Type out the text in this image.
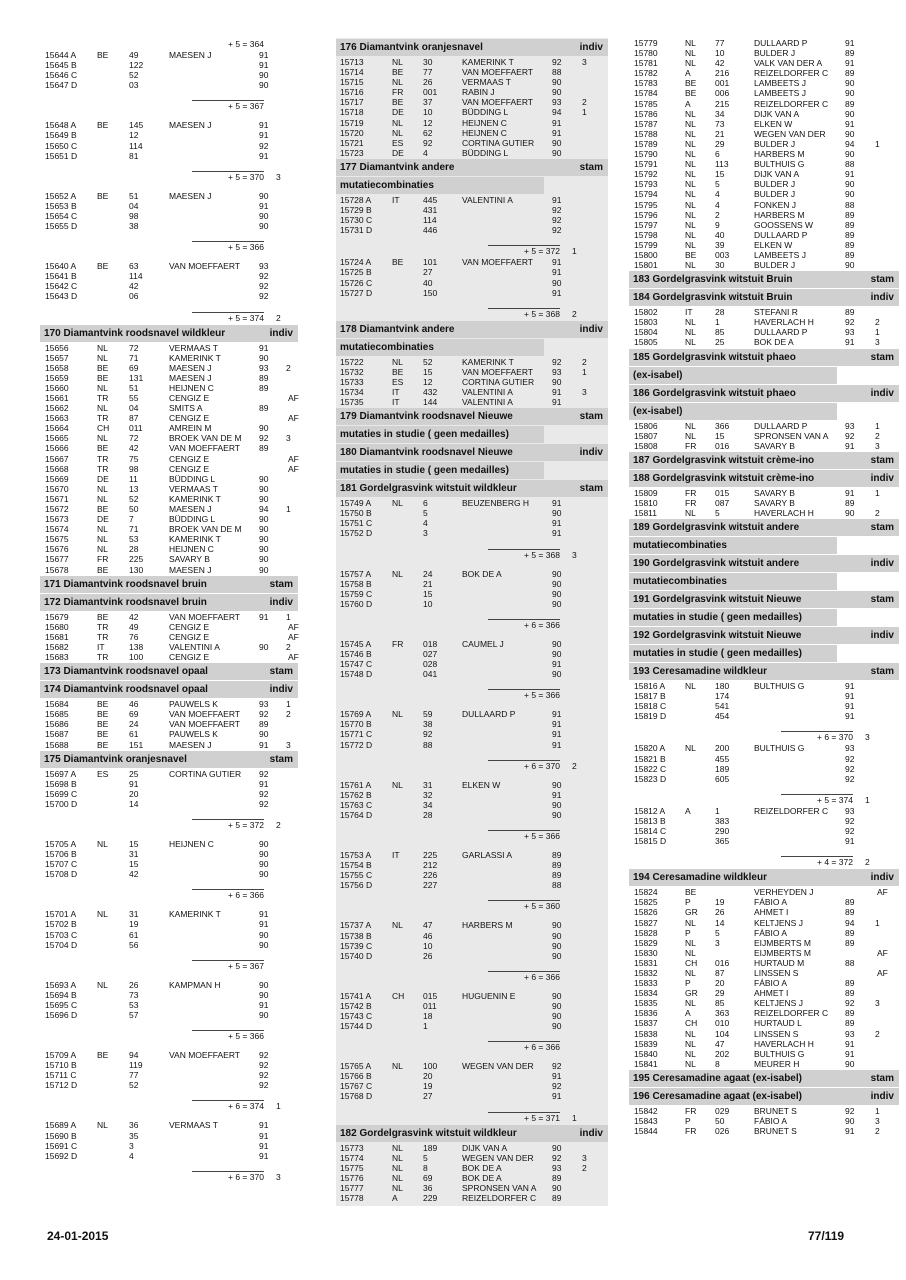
+ 5 = 364
15644 A BE 49	MAESEN J	91
15645 B	122	91
15646 C	52	90
15647 D	03	90
+ 5 = 367
15648 A BE 145	MAESEN J	91
15649 B	12	91
15650 C	114	92
15651 D	81	91
+ 5 = 370 3
15652 A BE 51	MAESEN J	90
15653 B	04	91
15654 C	98	90
15655 D	38	90
+ 5 = 366
15640 A BE 63	VAN MOEFFAERT 93
15641 B	114	92
15642 C	42	92
15643 D	06	92
+ 5 = 374 2
170 Diamantvink roodsnavel wildkleur	indiv
15656	NL 72	VERMAAS T	91
15657	NL 71	KAMERINK T	90
15658	BE 69	MAESEN J	93 2
15659	BE 131	MAESEN J	89
15660	NL 51	HEIJNEN C	89
15661	TR 55	CENGIZ E	AF
15662	NL 04	SMITS A	89
15663	TR 87	CENGIZ E	AF
15664	CH 011	AMREIN M	90
15665	NL 72	BROEK VAN DE M 92 3
15666	BE 42	VAN MOEFFAERT 89
15667	TR 75	CENGIZ E	AF
15668	TR 98	CENGIZ E	AF
15669	DE 11	BÜDDING L	90
15670	NL 13	VERMAAS T	90
15671	NL 52	KAMERINK T	90
15672	BE 50	MAESEN J	94 1
15673	DE 7	BÜDDING L	90
15674	NL 71	BROEK VAN DE M 90
15675	NL 53	KAMERINK T	90
15676	NL 28	HEIJNEN C	90
15677	FR 225	SAVARY B	90
15678	BE 130	MAESEN J	90
171 Diamantvink roodsnavel bruin	stam
172 Diamantvink roodsnavel bruin	indiv
15679	BE 42	VAN MOEFFAERT 91 1
15680	TR 49	CENGIZ E	AF
15681	TR 76	CENGIZ E	AF
15682	IT	138	VALENTINI A	90 2
15683	TR 100	CENGIZ E	AF
173 Diamantvink roodsnavel opaal	stam
174 Diamantvink roodsnavel opaal	indiv
15684	BE 46	PAUWELS K	93 1
15685	BE 69	VAN MOEFFAERT 92 2
15686	BE 24	VAN MOEFFAERT 89
15687	BE 61	PAUWELS K	90
15688	BE 151	MAESEN J	91 3
175 Diamantvink oranjesnavel	stam
15697 A ES 25	CORTINA GUTIER 92
15698 B	91	91
15699 C	20	92
15700 D	14	92
+ 5 = 372 2
15705 A NL 15	HEIJNEN C	90
15706 B	31	90
15707 C	15	90
15708 D	42	90
+ 6 = 366
15701 A NL 31	KAMERINK T	91
15702 B	19	91
15703 C	61	90
15704 D	56	90
+ 5 = 367
15693 A NL 26	KAMPMAN H	90
15694 B	73	90
15695 C	53	91
15696 D	57	90
+ 5 = 366
15709 A BE 94	VAN MOEFFAERT 92
15710 B	119	92
15711 C	77	92
15712 D	52	92
+ 6 = 374 1
15689 A NL 36	VERMAAS T	91
15690 B	35	91
15691 C	3	91
15692 D	4	91
+ 6 = 370 3
176 Diamantvink oranjesnavel	indiv
15713	NL 30	KAMERINK T	92 3
15714	BE 77	VAN MOEFFAERT 88
15715	NL 26	VERMAAS T	90
15716	FR 001	RABIN J	90
15717	BE 37	VAN MOEFFAERT 93 2
15718	DE 10	BÜDDING L	94 1
15719	NL 12	HEIJNEN C	91
15720	NL 62	HEIJNEN C	91
15721	ES 92	CORTINA GUTIER 90
15723	DE 4	BÜDDING L	90
177 Diamantvink andere	stam
mutatiecombinaties
15728 A IT	445	VALENTINI A	91
15729 B	431	92
15730 C	114	92
15731 D	446	92
+ 5 = 372 1
15724 A BE 101	VAN MOEFFAERT 91
15725 B	27	91
15726 C	40	90
15727 D	150	91
+ 5 = 368 2
178 Diamantvink andere	indiv
mutatiecombinaties
15722	NL 52	KAMERINK T	92 2
15732	BE 15	VAN MOEFFAERT 93 1
15733	ES 12	CORTINA GUTIER 90
15734	IT	432	VALENTINI A	91 3
15735	IT	144	VALENTINI A	91
179 Diamantvink roodsnavel Nieuwe	stam
mutaties in studie ( geen medailles)
180 Diamantvink roodsnavel Nieuwe	indiv
mutaties in studie ( geen medailles)
181 Gordelgrasvink witstuit wildkleur	stam
15749 A NL 6	BEUZENBERG H	91
15750 B	5	90
15751 C	4	91
15752 D	3	91
+ 5 = 368 3
15757 A NL 24	BOK DE A	90
15758 B	21	90
15759 C	15	90
15760 D	10	90
+ 6 = 366
15745 A FR 018	CAUMEL J	90
15746 B	027	90
15747 C	028	91
15748 D	041	90
+ 5 = 366
15769 A NL 59	DULLAARD P	91
15770 B	38	91
15771 C	92	91
15772 D	88	91
+ 6 = 370 2
15761 A NL 31	ELKEN W	90
15762 B	32	91
15763 C	34	90
15764 D	28	90
+ 5 = 366
15753 A IT	225	GARLASSI A	89
15754 B	212	89
15755 C	226	89
15756 D	227	88
+ 5 = 360
15737 A NL 47	HARBERS M	90
15738 B	46	90
15739 C	10	90
15740 D	26	90
+ 6 = 366
15741 A CH 015	HUGUENIN E	90
15742 B	011	90
15743 C	18	90
15744 D	1	90
+ 6 = 366
15765 A NL 100	WEGEN VAN DER 92
15766 B	20	91
15767 C	19	92
15768 D	27	91
+ 5 = 371 1
182 Gordelgrasvink witstuit wildkleur	indiv
15773	NL 189	DIJK VAN A	90
15774	NL 5	WEGEN VAN DER 92 3
15775	NL 8	BOK DE A	93 2
15776	NL 69	BOK DE A	89
15777	NL 36	SPRONSEN VAN A 90
15778	A	229	REIZELDORFER C 89
15779	NL 77	DULLAARD P	91
15780	NL 10	BULDER J	89
15781	NL 42	VALK VAN DER A	91
15782	A	216	REIZELDORFER C 89
15783	BE 001	LAMBEETS J	90
15784	BE 006	LAMBEETS J	90
15785	A	215	REIZELDORFER C 89
15786	NL 34	DIJK VAN A	90
15787	NL 73	ELKEN W	91
15788	NL 21	WEGEN VAN DER 90
15789	NL 29	BULDER J	94 1
15790	NL 6	HARBERS M	90
15791	NL 113	BULTHUIS G	88
15792	NL 15	DIJK VAN A	91
15793	NL 5	BULDER J	90
15794	NL 4	BULDER J	90
15795	NL 4	FONKEN J	88
15796	NL 2	HARBERS M	89
15797	NL 9	GOOSSENS W	89
15798	NL 40	DULLAARD P	89
15799	NL 39	ELKEN W	89
15800	BE 003	LAMBEETS J	89
15801	NL 30	BULDER J	90
183 Gordelgrasvink witstuit Bruin	stam
184 Gordelgrasvink witstuit Bruin	indiv
15802	IT	28	STEFANI R	89
15803	NL 1	HAVERLACH H	92 2
15804	NL 85	DULLAARD P	93 1
15805	NL 25	BOK DE A	91 3
185 Gordelgrasvink witstuit phaeo	stam
(ex-isabel)
186 Gordelgrasvink witstuit phaeo	indiv
(ex-isabel)
15806	NL 366	DULLAARD P	93 1
15807	NL 15	SPRONSEN VAN A 92 2
15808	FR 016	SAVARY B	91 3
187 Gordelgrasvink witstuit crème-ino	stam
188 Gordelgrasvink witstuit crème-ino	indiv
15809	FR 015	SAVARY B	91 1
15810	FR 087	SAVARY B	89
15811	NL 5	HAVERLACH H	90 2
189 Gordelgrasvink witstuit andere	stam
mutatiecombinaties
190 Gordelgrasvink witstuit andere	indiv
mutatiecombinaties
191 Gordelgrasvink witstuit Nieuwe	stam
mutaties in studie ( geen medailles)
192 Gordelgrasvink witstuit Nieuwe	indiv
mutaties in studie ( geen medailles)
193 Ceresamadine wildkleur	stam
15816 A NL 180	BULTHUIS G	91
15817 B	174	91
15818 C	541	91
15819 D	454	91
+ 6 = 370 3
15820 A NL 200	BULTHUIS G	93
15821 B	455	92
15822 C	189	92
15823 D	605	92
+ 5 = 374 1
15812 A A	1	REIZELDORFER C 93
15813 B	383	92
15814 C	290	92
15815 D	365	91
+ 4 = 372 2
194 Ceresamadine wildkleur	indiv
15824	BE	VERHEYDEN J	AF
15825	P	19	FÁBIO A	89
15826	GR 26	AHMET I	89
15827	NL 14	KELTJENS J	94 1
15828	P	5	FÁBIO A	89
15829	NL 3	EIJMBERTS M	89
15830	NL	EIJMBERTS M	AF
15831	CH 016	HURTAUD M	88
15832	NL 87	LINSSEN S	AF
15833	P	20	FÁBIO A	89
15834	GR 29	AHMET I	89
15835	NL 85	KELTJENS J	92 3
15836	A	363	REIZELDORFER C 89
15837	CH 010	HURTAUD L	89
15838	NL 104	LINSSEN S	93 2
15839	NL 47	HAVERLACH H	91
15840	NL 202	BULTHUIS G	91
15841	NL 8	MEURER H	90
195 Ceresamadine agaat (ex-isabel)	stam
196 Ceresamadine agaat (ex-isabel)	indiv
15842	FR 029	BRUNET S	92 1
15843	P	50	FÁBIO A	90 3
15844	FR 026	BRUNET S	91 2
24-01-2015	77/119
